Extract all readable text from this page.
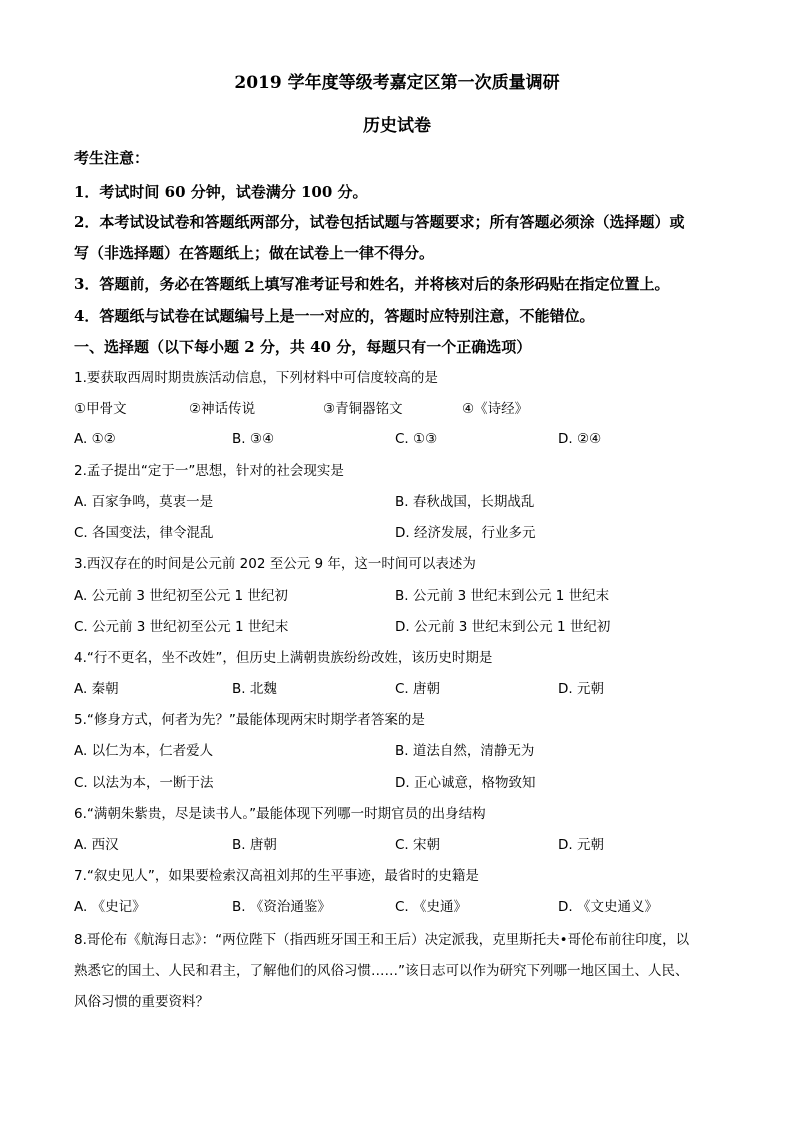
2019 学年度等级考嘉定区第一次质量调研
历史试卷
考生注意：
1．考试时间 60 分钟，试卷满分 100 分。
2．本考试设试卷和答题纸两部分，试卷包括试题与答题要求；所有答题必须涂（选择题）或
写（非选择题）在答题纸上；做在试卷上一律不得分。
3．答题前，务必在答题纸上填写准考证号和姓名，并将核对后的条形码贴在指定位置上。
4．答题纸与试卷在试题编号上是一一对应的，答题时应特别注意，不能错位。
一、选择题（以下每小题 2 分，共 40 分，每题只有一个正确选项）
1.要获取西周时期贵族活动信息，下列材料中可信度较高的是
①甲骨文	②神话传说	③青铜器铭文	④《诗经》
A. ①②	B. ③④	C. ①③	D. ②④
2.孟子提出“定于一”思想，针对的社会现实是
A. 百家争鸣，莫衷一是	B. 春秋战国，长期战乱
C. 各国变法，律令混乱	D. 经济发展，行业多元
3.西汉存在的时间是公元前 202 至公元 9 年，这一时间可以表述为
A. 公元前 3 世纪初至公元 1 世纪初	B. 公元前 3 世纪末到公元 1 世纪末
C. 公元前 3 世纪初至公元 1 世纪末	D. 公元前 3 世纪末到公元 1 世纪初
4.“行不更名，坐不改姓”，但历史上满朝贵族纷纷改姓，该历史时期是
A. 秦朝	B. 北魏	C. 唐朝	D. 元朝
5.“修身方式，何者为先？”最能体现两宋时期学者答案的是
A. 以仁为本，仁者爱人	B. 道法自然，清静无为
C. 以法为本，一断于法	D. 正心诚意，格物致知
6.“满朝朱紫贵，尽是读书人。”最能体现下列哪一时期官员的出身结构
A. 西汉	B. 唐朝	C. 宋朝	D. 元朝
7.“叙史见人”，如果要检索汉高祖刘邦的生平事迹，最省时的史籍是
A. 《史记》	B. 《资治通鉴》	C. 《史通》	D. 《文史通义》
8.哥伦布《航海日志》：“两位陛下（指西班牙国王和王后）决定派我，克里斯托夫•哥伦布前往印度，以
熟悉它的国土、人民和君主，了解他们的风俗习惯……”该日志可以作为研究下列哪一地区国土、人民、
风俗习惯的重要资料？
